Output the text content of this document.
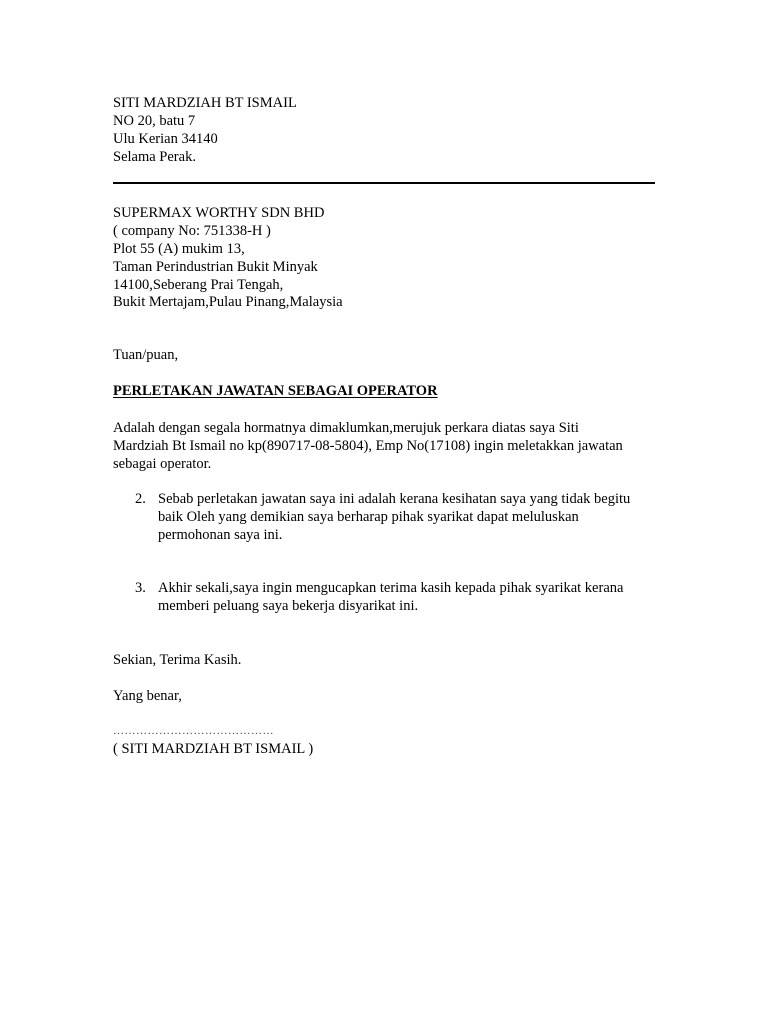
SITI MARDZIAH BT ISMAIL
NO 20, batu 7
Ulu Kerian 34140
Selama Perak.
SUPERMAX WORTHY SDN BHD
( company No: 751338-H )
Plot 55 (A) mukim 13,
Taman Perindustrian Bukit Minyak
14100,Seberang Prai Tengah,
Bukit Mertajam,Pulau Pinang,Malaysia
Tuan/puan,
PERLETAKAN JAWATAN SEBAGAI OPERATOR
Adalah dengan segala hormatnya dimaklumkan,merujuk perkara diatas saya Siti
Mardziah Bt Ismail no kp(890717-08-5804), Emp No(17108) ingin meletakkan jawatan
sebagai operator.
2. Sebab perletakan jawatan saya ini adalah kerana kesihatan saya yang tidak begitu
baik Oleh yang demikian saya berharap pihak syarikat dapat meluluskan
permohonan saya ini.
3. Akhir sekali,saya ingin mengucapkan terima kasih kepada pihak syarikat kerana
memberi peluang saya bekerja disyarikat ini.
Sekian, Terima Kasih.
Yang benar,
……………………………………
( SITI MARDZIAH BT ISMAIL )
